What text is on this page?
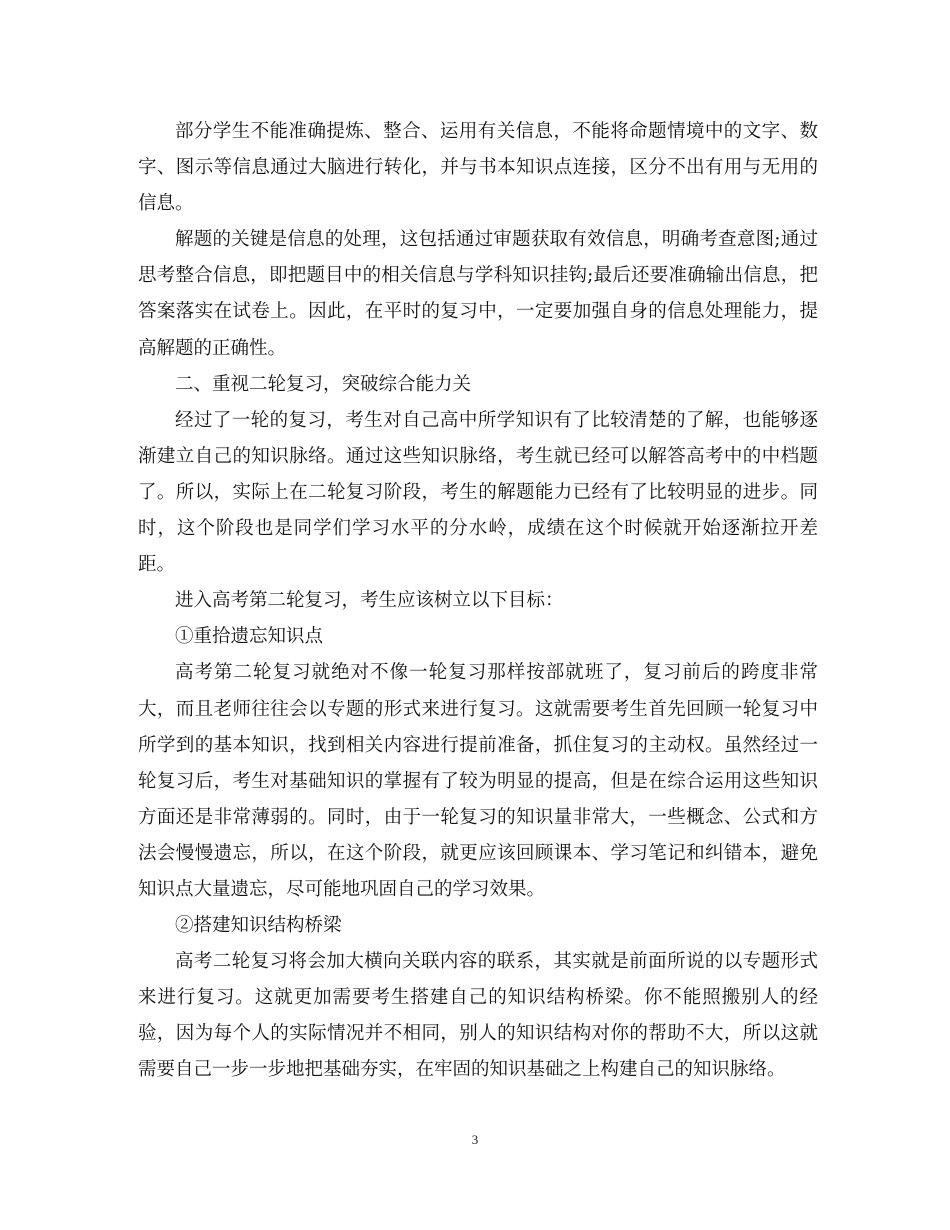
部分学生不能准确提炼、整合、运用有关信息，不能将命题情境中的文字、数字、图示等信息通过大脑进行转化，并与书本知识点连接，区分不出有用与无用的信息。

解题的关键是信息的处理，这包括通过审题获取有效信息，明确考查意图;通过思考整合信息，即把题目中的相关信息与学科知识挂钩;最后还要准确输出信息，把答案落实在试卷上。因此，在平时的复习中，一定要加强自身的信息处理能力，提高解题的正确性。

二、重视二轮复习，突破综合能力关

经过了一轮的复习，考生对自己高中所学知识有了比较清楚的了解，也能够逐渐建立自己的知识脉络。通过这些知识脉络，考生就已经可以解答高考中的中档题了。所以，实际上在二轮复习阶段，考生的解题能力已经有了比较明显的进步。同时，这个阶段也是同学们学习水平的分水岭，成绩在这个时候就开始逐渐拉开差距。

进入高考第二轮复习，考生应该树立以下目标：

①重拾遗忘知识点

高考第二轮复习就绝对不像一轮复习那样按部就班了，复习前后的跨度非常大，而且老师往往会以专题的形式来进行复习。这就需要考生首先回顾一轮复习中所学到的基本知识，找到相关内容进行提前准备，抓住复习的主动权。虽然经过一轮复习后，考生对基础知识的掌握有了较为明显的提高，但是在综合运用这些知识方面还是非常薄弱的。同时，由于一轮复习的知识量非常大，一些概念、公式和方法会慢慢遗忘，所以，在这个阶段，就更应该回顾课本、学习笔记和纠错本，避免知识点大量遗忘，尽可能地巩固自己的学习效果。

②搭建知识结构桥梁

高考二轮复习将会加大横向关联内容的联系，其实就是前面所说的以专题形式来进行复习。这就更加需要考生搭建自己的知识结构桥梁。你不能照搬别人的经验，因为每个人的实际情况并不相同，别人的知识结构对你的帮助不大，所以这就需要自己一步一步地把基础夯实，在牢固的知识基础之上构建自己的知识脉络。

3
